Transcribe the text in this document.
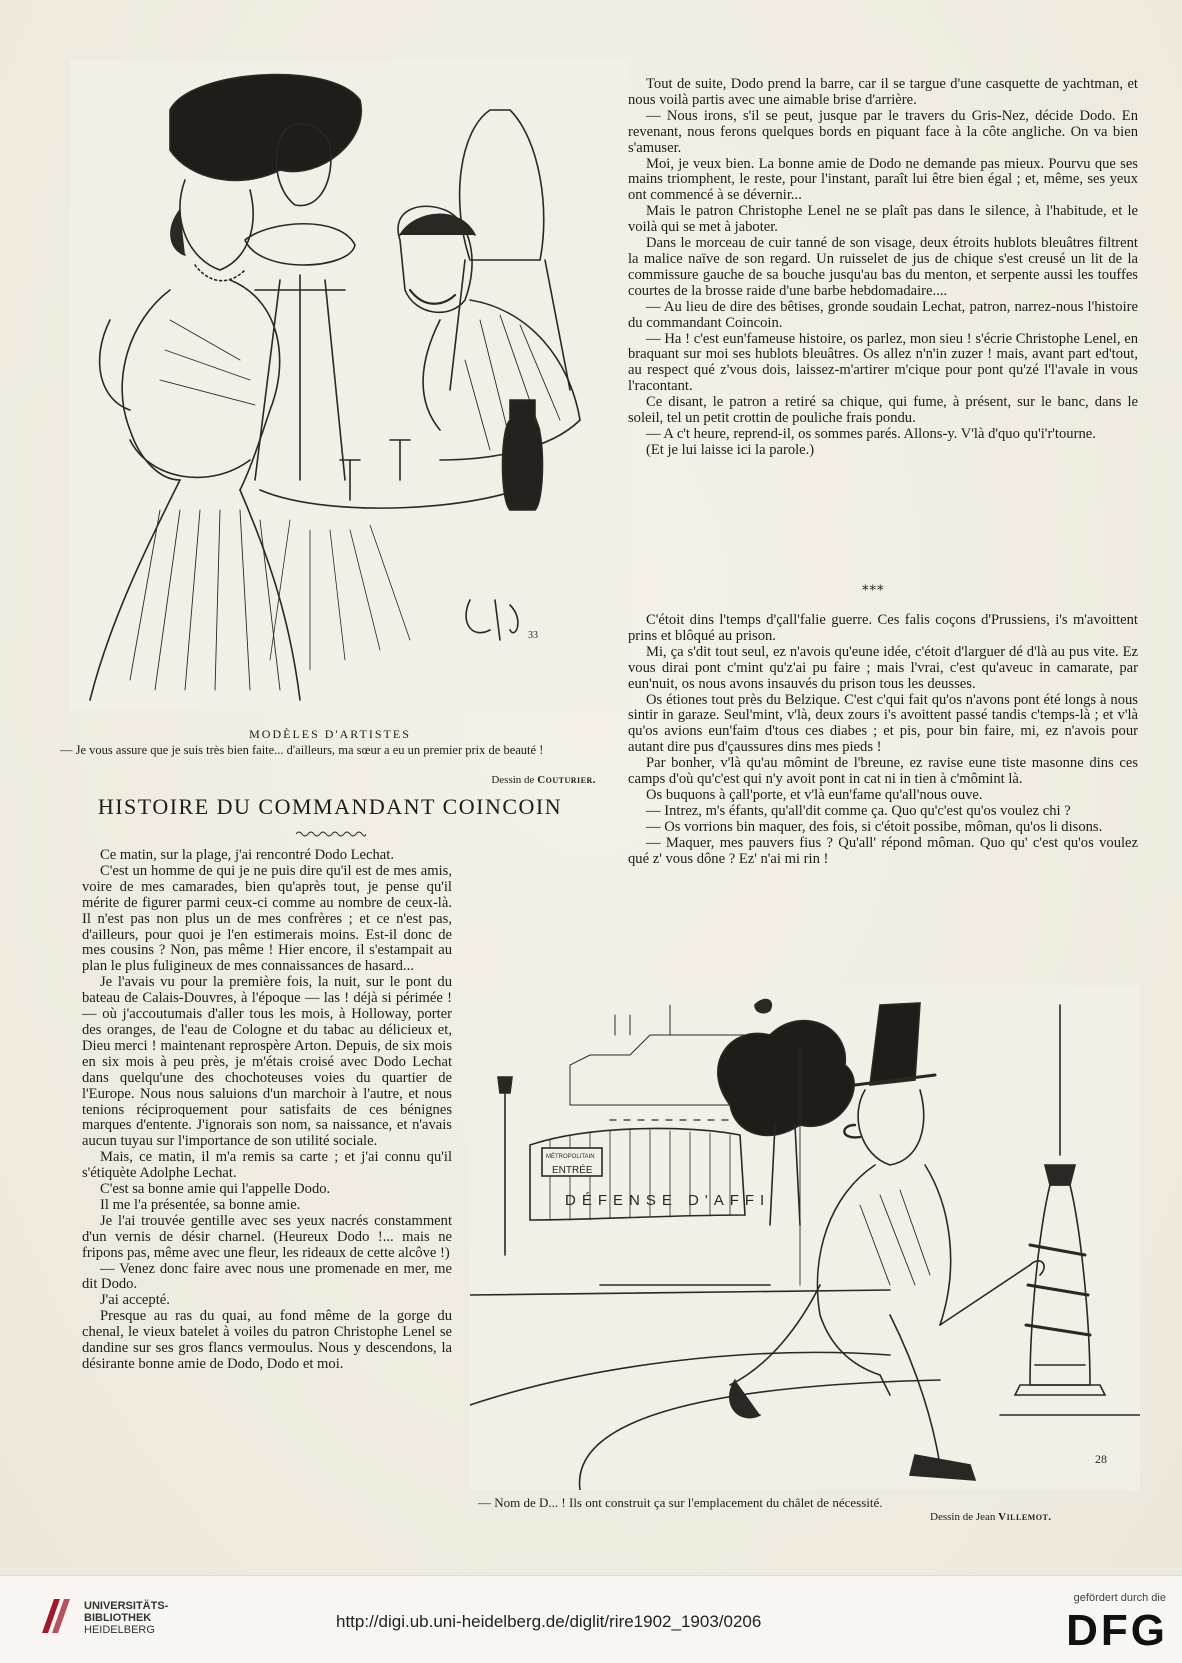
33
MODÈLES D'ARTISTES
— Je vous assure que je suis très bien faite... d'ailleurs, ma sœur a eu un premier prix de beauté !
Dessin de Couturier.
HISTOIRE DU COMMANDANT COINCOIN

Ce matin, sur la plage, j'ai rencontré Dodo Lechat.

C'est un homme de qui je ne puis dire qu'il est de mes amis, voire de mes camarades, bien qu'après tout, je pense qu'il mérite de figurer parmi ceux-ci comme au nombre de ceux-là. Il n'est pas non plus un de mes confrères ; et ce n'est pas, d'ailleurs, pour quoi je l'en estimerais moins. Est-il donc de mes cousins ? Non, pas même ! Hier encore, il s'estampait au plan le plus fuligineux de mes connaissances de hasard...

Je l'avais vu pour la première fois, la nuit, sur le pont du bateau de Calais-Douvres, à l'époque — las ! déjà si périmée ! — où j'accoutumais d'aller tous les mois, à Holloway, porter des oranges, de l'eau de Cologne et du tabac au délicieux et, Dieu merci ! maintenant reprospère Arton. Depuis, de six mois en six mois à peu près, je m'étais croisé avec Dodo Lechat dans quelqu'une des chochoteuses voies du quartier de l'Europe. Nous nous saluions d'un marchoir à l'autre, et nous tenions réciproquement pour satisfaits de ces bénignes marques d'entente. J'ignorais son nom, sa naissance, et n'avais aucun tuyau sur l'importance de son utilité sociale.

Mais, ce matin, il m'a remis sa carte ; et j'ai connu qu'il s'étiquète Adolphe Lechat.

C'est sa bonne amie qui l'appelle Dodo.

Il me l'a présentée, sa bonne amie.

Je l'ai trouvée gentille avec ses yeux nacrés constamment d'un vernis de désir charnel. (Heureux Dodo !... mais ne fripons pas, même avec une fleur, les rideaux de cette alcôve !)

— Venez donc faire avec nous une promenade en mer, me dit Dodo.

J'ai accepté.

Presque au ras du quai, au fond même de la gorge du chenal, le vieux batelet à voiles du patron Christophe Lenel se dandine sur ses gros flancs vermoulus. Nous y descendons, la désirante bonne amie de Dodo, Dodo et moi.

Tout de suite, Dodo prend la barre, car il se targue d'une casquette de yachtman, et nous voilà partis avec une aimable brise d'arrière.

— Nous irons, s'il se peut, jusque par le travers du Gris-Nez, décide Dodo. En revenant, nous ferons quelques bords en piquant face à la côte angliche. On va bien s'amuser.

Moi, je veux bien. La bonne amie de Dodo ne demande pas mieux. Pourvu que ses mains triomphent, le reste, pour l'instant, paraît lui être bien égal ; et, même, ses yeux ont commencé à se dévernir...

Mais le patron Christophe Lenel ne se plaît pas dans le silence, à l'habitude, et le voilà qui se met à jaboter.

Dans le morceau de cuir tanné de son visage, deux étroits hublots bleuâtres filtrent la malice naïve de son regard. Un ruisselet de jus de chique s'est creusé un lit de la commissure gauche de sa bouche jusqu'au bas du menton, et serpente aussi les touffes courtes de la brosse raide d'une barbe hebdomadaire....

— Au lieu de dire des bêtises, gronde soudain Lechat, patron, narrez-nous l'histoire du commandant Coincoin.

— Ha ! c'est eun'fameuse histoire, os parlez, mon sieu ! s'écrie Christophe Lenel, en braquant sur moi ses hublots bleuâtres. Os allez n'n'in zuzer ! mais, avant part ed'tout, au respect qué z'vous dois, laissez-m'artirer m'cique pour pont qu'zé l'l'avale in vous l'racontant.

Ce disant, le patron a retiré sa chique, qui fume, à présent, sur le banc, dans le soleil, tel un petit crottin de pouliche frais pondu.

— A c't heure, reprend-il, os sommes parés. Allons-y. V'là d'quo qu'i'r'tourne.

(Et je lui laisse ici la parole.)

⁎⁎⁎

C'étoit dins l'temps d'çall'falie guerre. Ces falis coçons d'Prussiens, i's m'avoittent prins et blôqué au prison.

Mi, ça s'dit tout seul, ez n'avois qu'eune idée, c'étoit d'larguer dé d'là au pus vite. Ez vous dirai pont c'mint qu'z'ai pu faire ; mais l'vrai, c'est qu'aveuc in camarate, par eun'nuit, os nous avons insauvés du prison tous les deusses.

Os étiones tout près du Belzique. C'est c'qui fait qu'os n'avons pont été longs à nous sintir in garaze. Seul'mint, v'là, deux zours i's avoittent passé tandis c'temps-là ; et v'là qu'os avions eun'faim d'tous ces diabes ; et pis, pour bin faire, mi, ez n'avois pour autant dire pus d'çaussures dins mes pieds !

Par bonher, v'là qu'au mômint de l'breune, ez ravise eune tiste masonne dins ces camps d'où qu'c'est qui n'y avoit pont in cat ni in tien à c'mômint là.

Os buquons à çall'porte, et v'là eun'fame qu'all'nous ouve.

— Intrez, m's éfants, qu'all'dit comme ça. Quo qu'c'est qu'os voulez chi ?

— Os vorrions bin maquer, des fois, si c'étoit possibe, môman, qu'os li disons.

— Maquer, mes pauvers fius ? Qu'all' répond môman. Quo qu' c'est qu'os voulez qué z' vous dône ? Ez' n'ai mi rin !

MÉTROPOLITAIN
ENTRÉE
DÉFENSE D'AFFI
28
— Nom de D... ! Ils ont construit ça sur l'emplacement du châlet de nécessité.
Dessin de Jean Villemot.
UNIVERSITÄTS-
BIBLIOTHEK
HEIDELBERG	http://digi.ub.uni-heidelberg.de/diglit/rire1902_1903/0206
gefördert durch die
DFG
